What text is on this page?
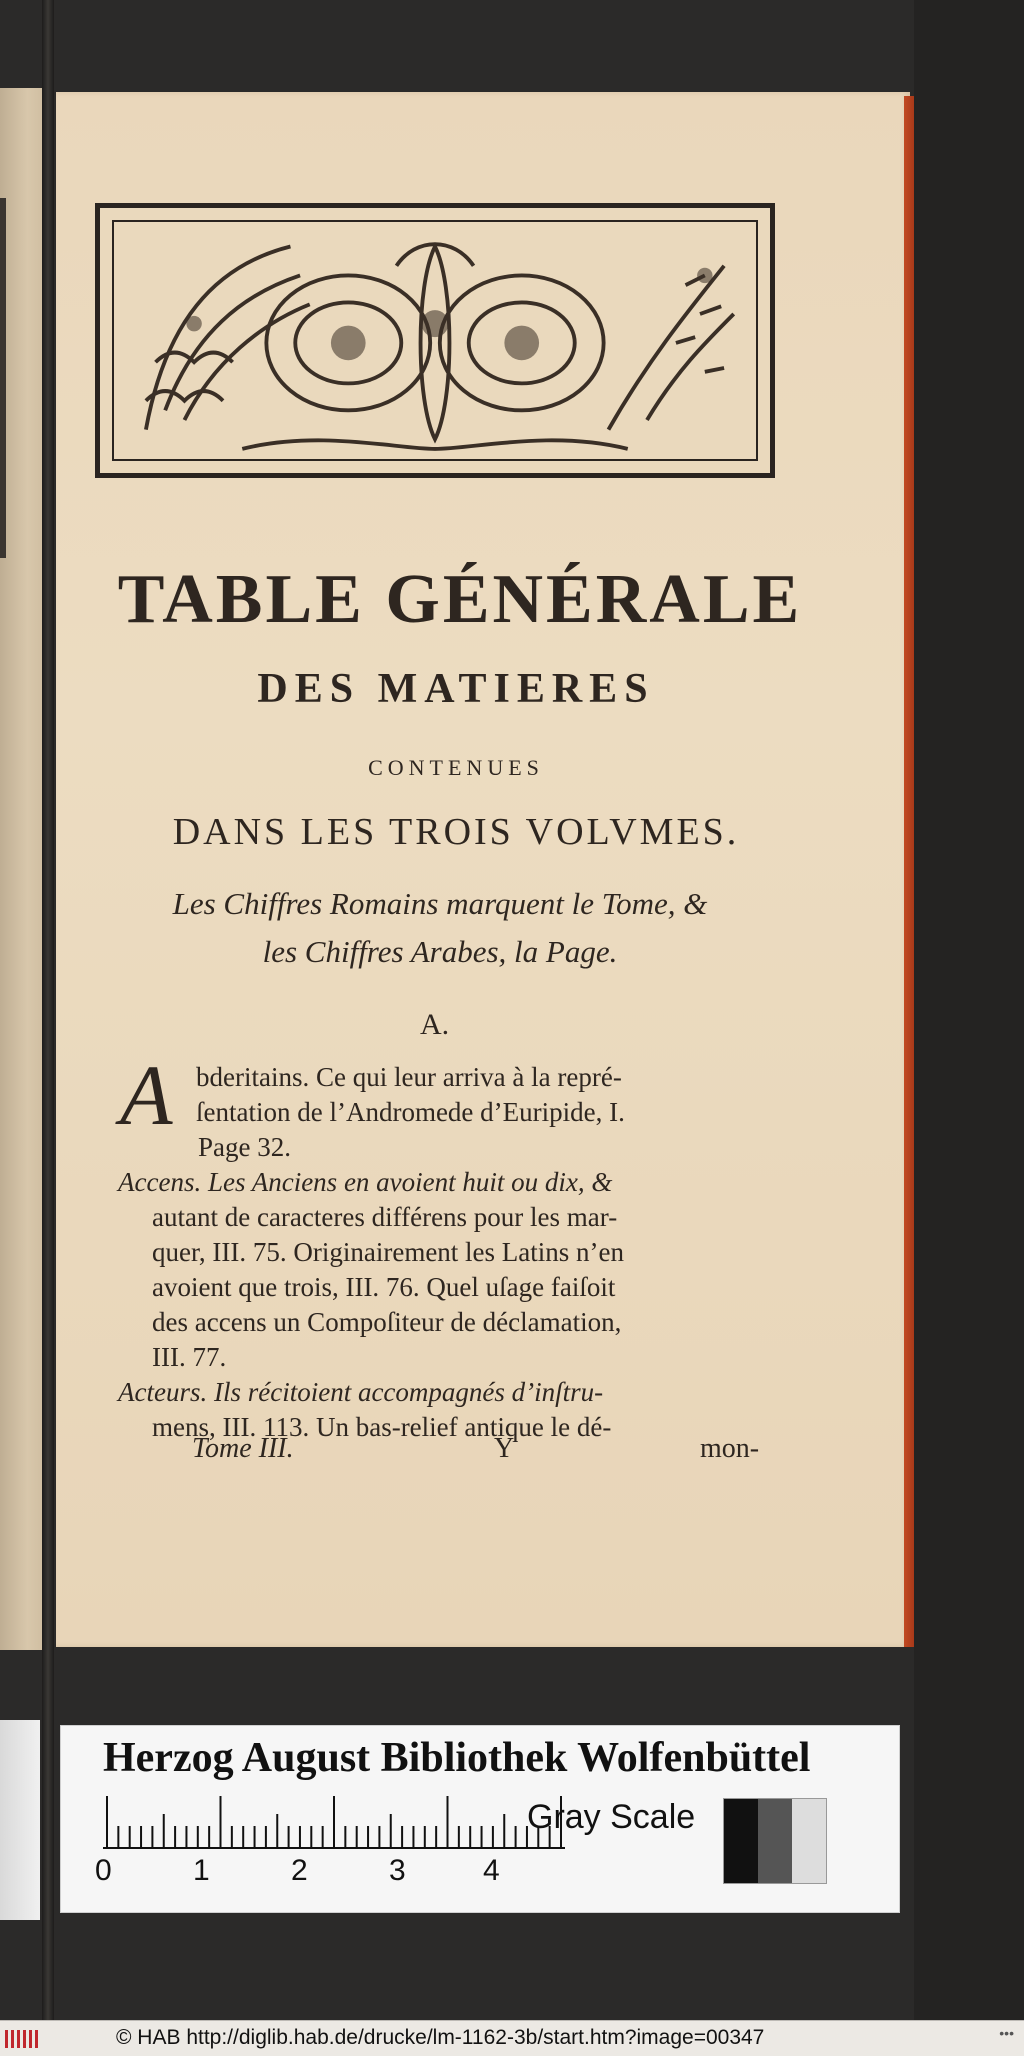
TABLE GÉNÉRALE
DES MATIERES
CONTENUES
DANS LES TROIS VOLVMES.
Les Chiffres Romains marquent le Tome, &
les Chiffres Arabes, la Page.
A.
A bderitains. Ce qui leur arriva à la repré-
ſentation de l’Andromede d’Euripide, I.
Page 32.
Accens. Les Anciens en avoient huit ou dix, &
autant de caracteres différens pour les mar-
quer, III. 75. Originairement les Latins n’en
avoient que trois, III. 76. Quel uſage faiſoit
des accens un Compoſiteur de déclamation,
III. 77.
Acteurs. Ils récitoient accompagnés d’inſtru-
mens, III. 113. Un bas-relief antique le dé-
Tome III.	Y	mon-
Herzog August Bibliothek Wolfenbüttel
0	1	2	3	4
Gray Scale
© HAB http://diglib.hab.de/drucke/lm-1162-3b/start.htm?image=00347	•••
